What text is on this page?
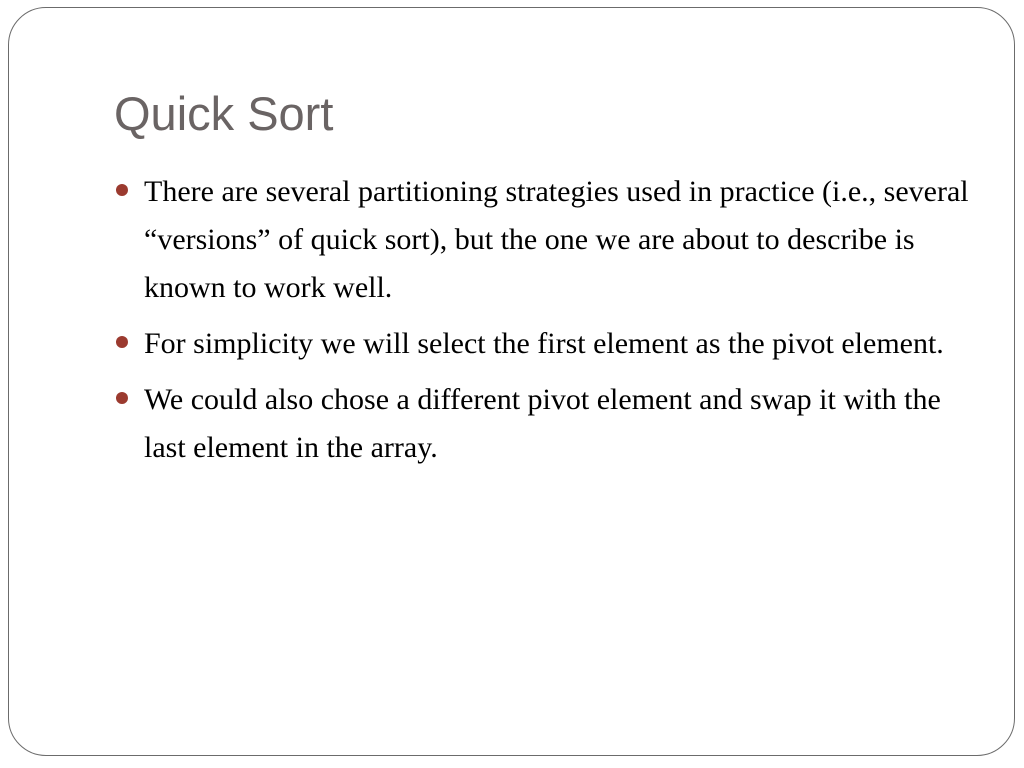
Quick Sort
There are several partitioning strategies used in practice (i.e., several “versions” of quick sort), but the one we are about to describe is known to work well.
For simplicity we will select the first element as the pivot element.
We could also chose a different pivot element and swap it with the last element in the array.
